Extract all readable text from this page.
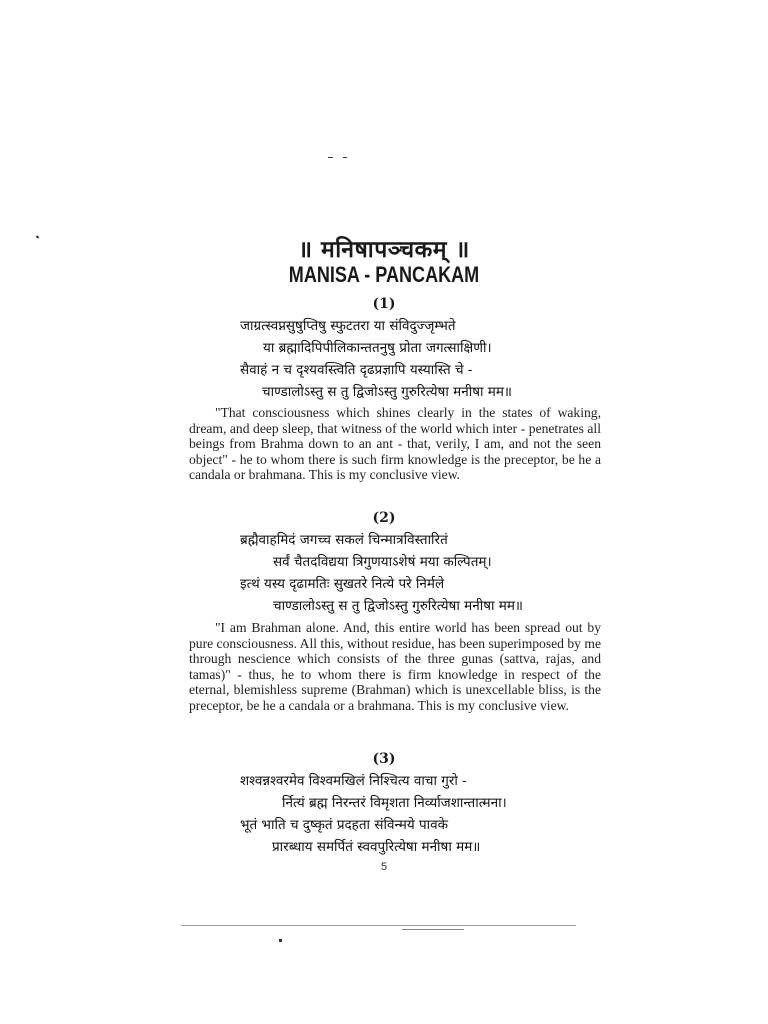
॥ मनिषापञ्चकम् ॥
MANISA - PANCAKAM
(1)
जाग्रत्स्वप्नसुषुप्तिषु स्फुटतरा या संविदुज्जृम्भते
या ब्रह्मादिपिपीलिकान्ततनुषु प्रोता जगत्साक्षिणी।
सैवाहं न च दृश्यवस्त्विति दृढप्रज्ञापि यस्यास्ति चे -
चाण्डालोऽस्तु स तु द्विजोऽस्तु गुरुरित्येषा मनीषा मम॥

"That consciousness which shines clearly in the states of waking, dream, and deep sleep, that witness of the world which inter - penetrates all beings from Brahma down to an ant - that, verily, I am, and not the seen object" - he to whom there is such firm knowledge is the preceptor, be he a candala or brahmana. This is my conclusive view.

(2)
ब्रह्मैवाहमिदं जगच्च सकलं चिन्मात्रविस्तारितं
सर्वं चैतदविद्यया त्रिगुणयाऽशेषं मया कल्पितम्।
इत्थं यस्य दृढामतिः सुखतरे नित्ये परे निर्मले
चाण्डालोऽस्तु स तु द्विजोऽस्तु गुरुरित्येषा मनीषा मम॥

"I am Brahman alone. And, this entire world has been spread out by pure consciousness. All this, without residue, has been superimposed by me through nescience which consists of the three gunas (sattva, rajas, and tamas)" - thus, he to whom there is firm knowledge in respect of the eternal, blemishless supreme (Brahman) which is unexcellable bliss, is the preceptor, be he a candala or a brahmana. This is my conclusive view.

(3)
शश्वन्नश्वरमेव विश्वमखिलं निश्चित्य वाचा गुरो -
र्नित्यं ब्रह्म निरन्तरं विमृशता निर्व्याजशान्तात्मना।
भूतं भाति च दुष्कृतं प्रदहता संविन्मये पावके
प्रारब्धाय समर्पितं स्ववपुरित्येषा मनीषा मम॥
5
